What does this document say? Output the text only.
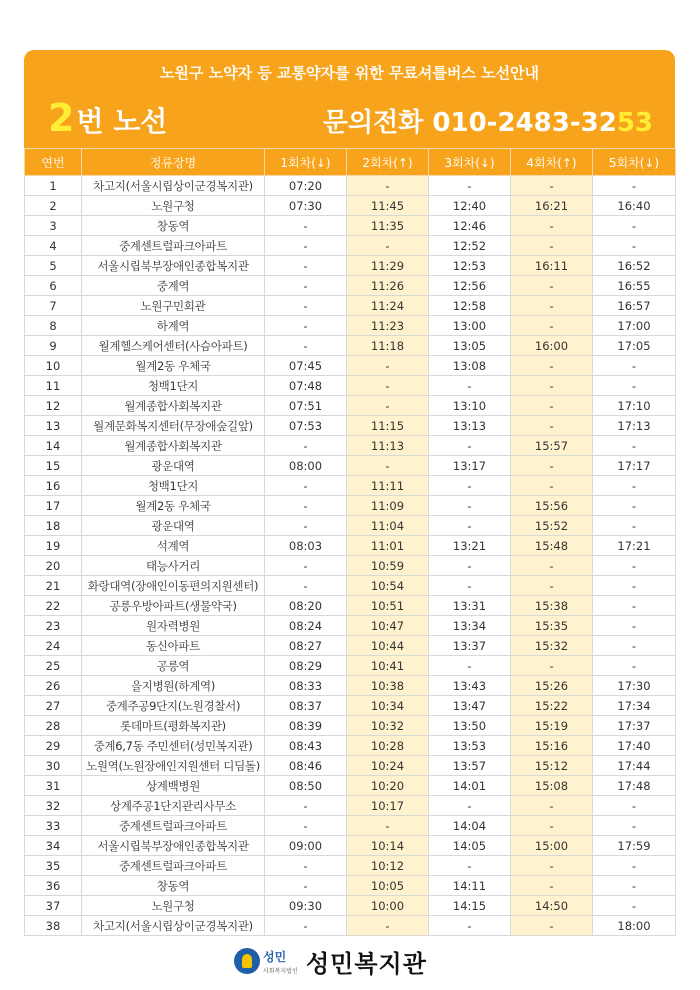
노원구 노약자 등 교통약자를 위한 무료셔틀버스 노선안내
2번 노선	문의전화 010-2483-3253
연번	정류장명	1회차(↓)	2회차(↑)	3회차(↓)	4회차(↑)	5회차(↓)
1	차고지(서울시립상이군경복지관)	07:20	-	-	-	-
2	노원구청	07:30	11:45	12:40	16:21	16:40
3	창동역	-	11:35	12:46	-	-
4	중계센트럴파크아파트	-	-	12:52	-	-
5	서울시립북부장애인종합복지관	-	11:29	12:53	16:11	16:52
6	중계역	-	11:26	12:56	-	16:55
7	노원구민회관	-	11:24	12:58	-	16:57
8	하계역	-	11:23	13:00	-	17:00
9	월계헬스케어센터(사슴아파트)	-	11:18	13:05	16:00	17:05
10	월계2동 우체국	07:45	-	13:08	-	-
11	청백1단지	07:48	-	-	-	-
12	월계종합사회복지관	07:51	-	13:10	-	17:10
13	월계문화복지센터(무장애숲길앞)	07:53	11:15	13:13	-	17:13
14	월계종합사회복지관	-	11:13	-	15:57	-
15	광운대역	08:00	-	13:17	-	17:17
16	청백1단지	-	11:11	-	-	-
17	월계2동 우체국	-	11:09	-	15:56	-
18	광운대역	-	11:04	-	15:52	-
19	석계역	08:03	11:01	13:21	15:48	17:21
20	태능사거리	-	10:59	-	-	-
21	화랑대역(장애인이동편의지원센터)	-	10:54	-	-	-
22	공릉우방아파트(생물약국)	08:20	10:51	13:31	15:38	-
23	원자력병원	08:24	10:47	13:34	15:35	-
24	동신아파트	08:27	10:44	13:37	15:32	-
25	공릉역	08:29	10:41	-	-	-
26	을지병원(하계역)	08:33	10:38	13:43	15:26	17:30
27	중계주공9단지(노원경찰서)	08:37	10:34	13:47	15:22	17:34
28	롯데마트(평화복지관)	08:39	10:32	13:50	15:19	17:37
29	중계6,7동 주민센터(성민복지관)	08:43	10:28	13:53	15:16	17:40
30	노원역(노원장애인지원센터 디딤돌)	08:46	10:24	13:57	15:12	17:44
31	상계백병원	08:50	10:20	14:01	15:08	17:48
32	상계주공1단지관리사무소	-	10:17	-	-	-
33	중계센트럴파크아파트	-	-	14:04	-	-
34	서울시립북부장애인종합복지관	09:00	10:14	14:05	15:00	17:59
35	중계센트럴파크아파트	-	10:12	-	-	-
36	창동역	-	10:05	14:11	-	-
37	노원구청	09:30	10:00	14:15	14:50	-
38	차고지(서울시립상이군경복지관)	-	-	-	-	18:00
성민
사회복지법인 성민복지관
